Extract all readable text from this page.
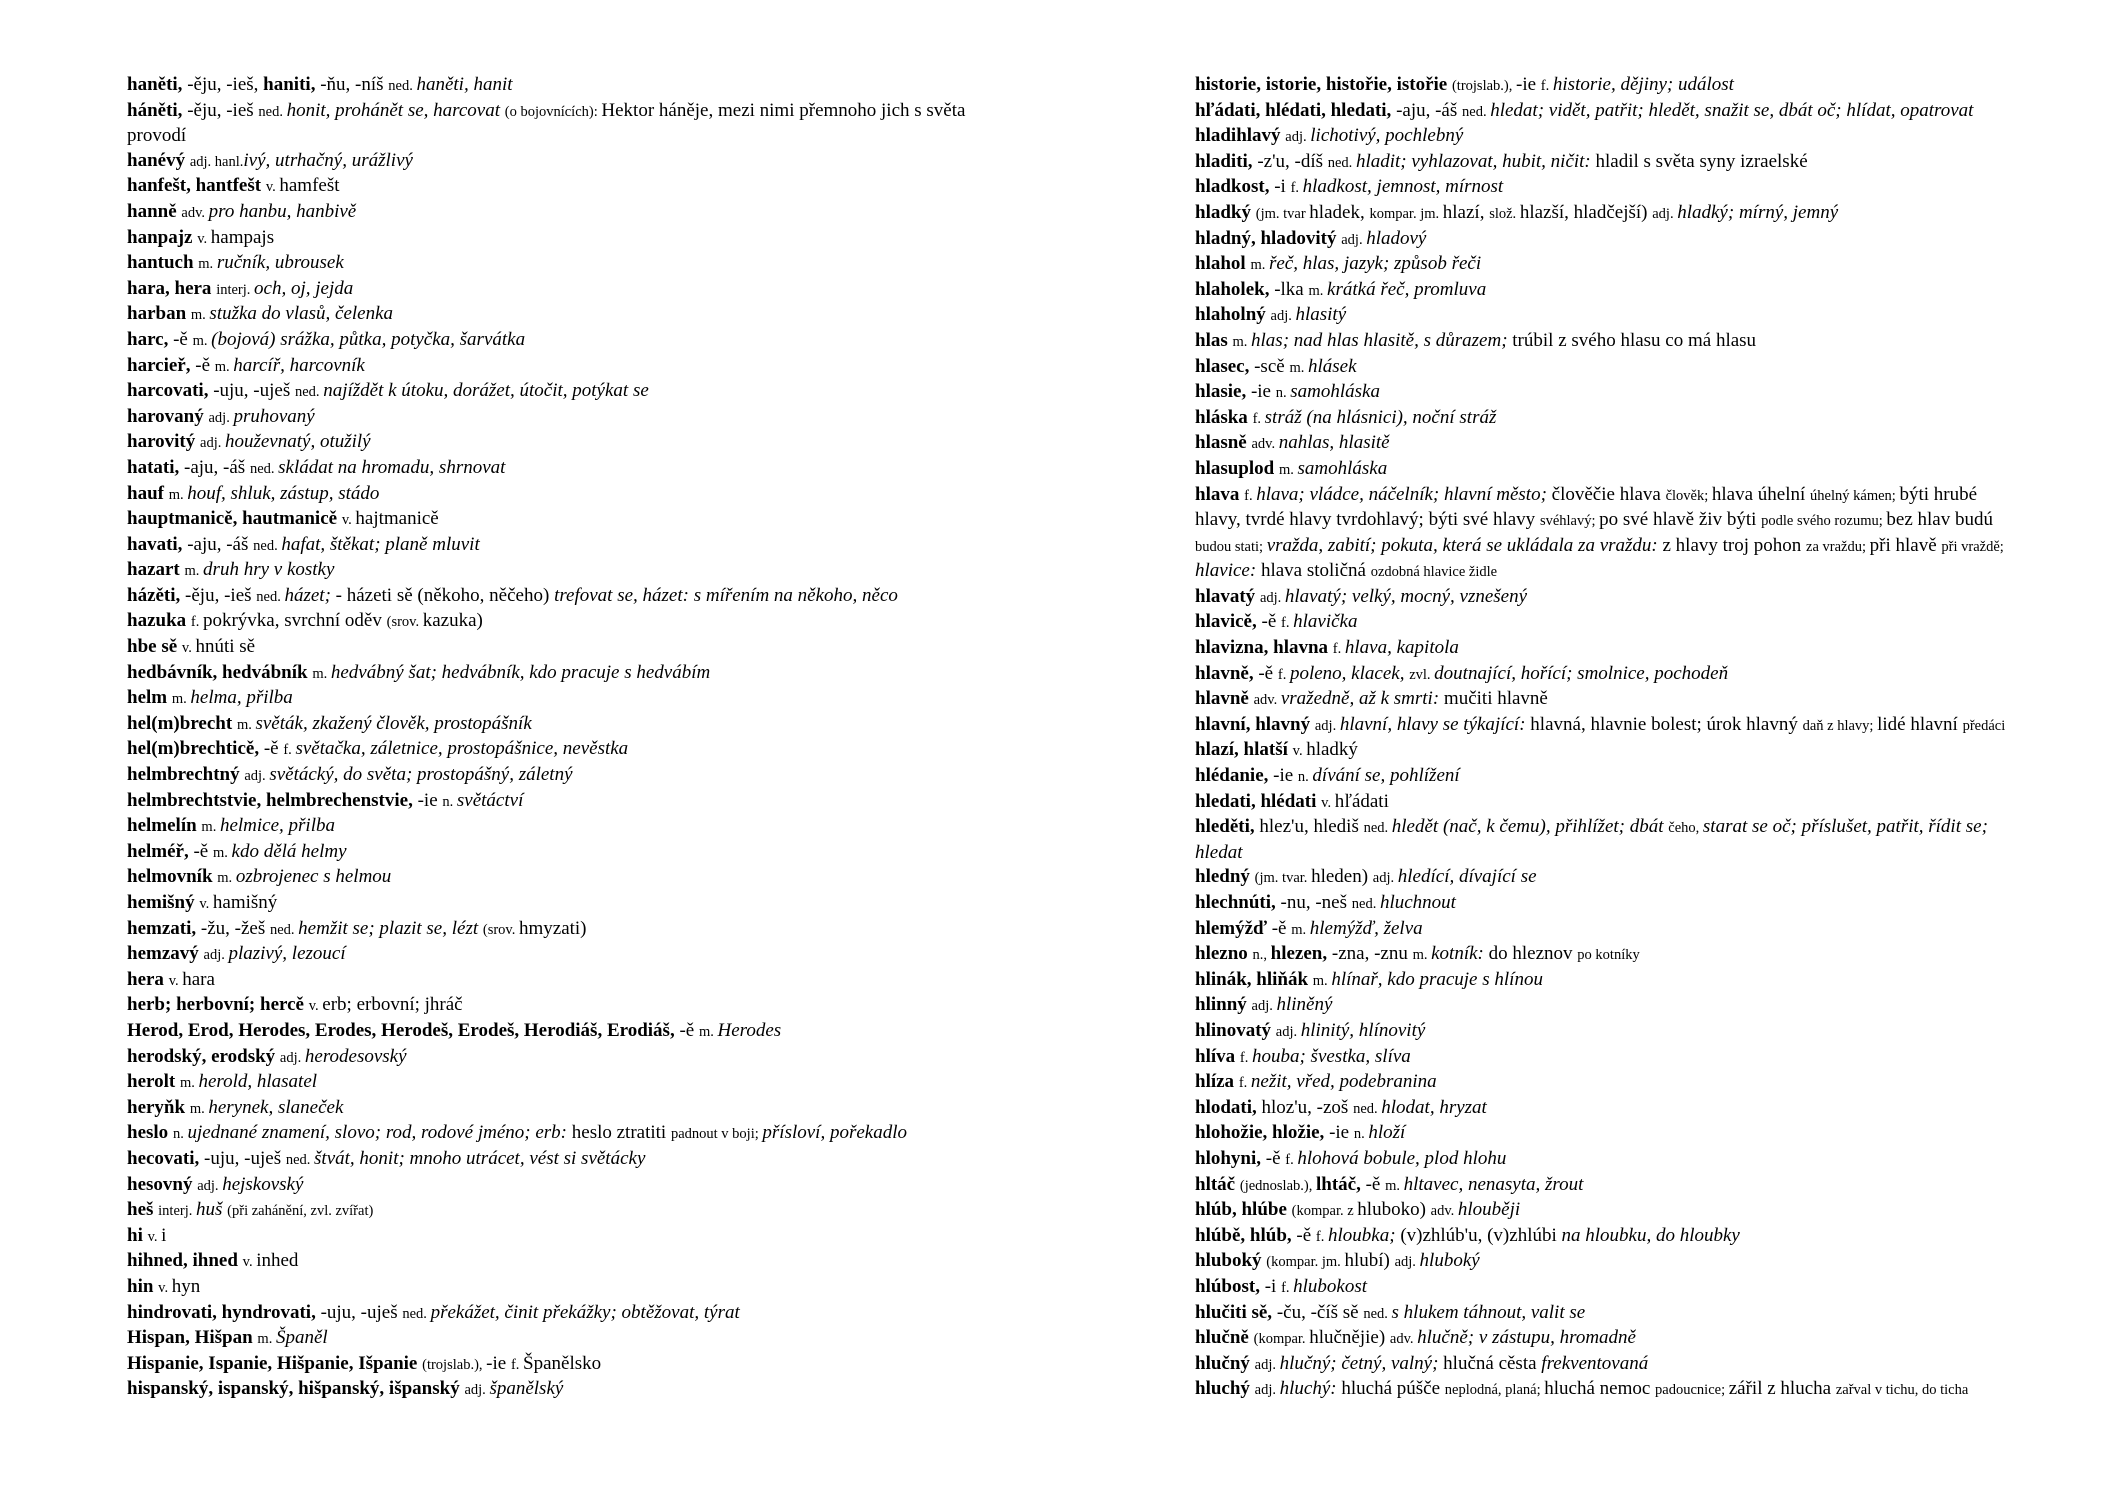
haněti, -ěju, -ieš, haniti, -ňu, -níš ned. haněti, hanit
háněti, -ěju, -ieš ned. honit, prohánět se, harcovat (o bojovnících): Hektor háněje, mezi nimi přemnoho jich s světa provodí
hanévý adj. hanl.ivý, utrhačný, urážlivý
hanfešt, hantfešt v. hamfešt
hanně adv. pro hanbu, hanbivě
hanpajz v. hampajs
hantuch m. ručník, ubrousek
hara, hera interj. och, oj, jejda
harban m. stužka do vlasů, čelenka
harc, -ě m. (bojová) srážka, půtka, potyčka, šarvátka
harcieř, -ě m. harcíř, harcovník
harcovati, -uju, -uješ ned. najíždět k útoku, dorážet, útočit, potýkat se
harovaný adj. pruhovaný
harovitý adj. houževnatý, otužilý
hatati, -aju, -áš ned. skládat na hromadu, shrnovat
hauf m. houf, shluk, zástup, stádo
hauptmanicě, hautmanicě v. hajtmanicě
havati, -aju, -áš ned. hafat, štěkat; planě mluvit
hazart m. druh hry v kostky
házěti, -ěju, -ieš ned. házet; - házeti sě (někoho, něčeho) trefovat se, házet: s mířením na někoho, něco
hazuka f. pokrývka, svrchní oděv (srov. kazuka)
hbe sě v. hnúti sě
hedbávník, hedvábník m. hedvábný šat; hedvábník, kdo pracuje s hedvábím
helm m. helma, přilba
hel(m)brecht m. světák, zkažený člověk, prostopášník
hel(m)brechticě, -ě f. světačka, záletnice, prostopášnice, nevěstka
helmbrechtný adj. světácký, do světa; prostopášný, záletný
helmbrechtstvie, helmbrechenstvie, -ie n. světáctví
helmelín m. helmice, přilba
helméř, -ě m. kdo dělá helmy
helmovník m. ozbrojenec s helmou
hemišný v. hamišný
hemzati, -žu, -žeš ned. hemžit se; plazit se, lézt (srov. hmyzati)
hemzavý adj. plazivý, lezoucí
hera v. hara
herb; herbovní; hercě v. erb; erbovní; jhráč
Herod, Erod, Herodes, Erodes, Herodeš, Erodeš, Herodiáš, Erodiáš, -ě m. Herodes
herodský, erodský adj. herodesovský
herolt m. herold, hlasatel
heryňk m. herynek, slaneček
heslo n. ujednané znamení, slovo; rod, rodové jméno; erb: heslo ztratiti padnout v boji; přísloví, pořekadlo
hecovati, -uju, -uješ ned. štvát, honit; mnoho utrácet, vést si světácky
hesovný adj. hejskovský
heš interj. huš (při zahánění, zvl. zvířat)
hi v. i
hihned, ihned v. inhed
hin v. hyn
hindrovati, hyndrovati, -uju, -uješ ned. překážet, činit překážky; obtěžovat, týrat
Hispan, Hišpan m. Španěl
Hispanie, Ispanie, Hišpanie, Išpanie (trojslab.), -ie f. Španělsko
hispanský, ispanský, hišpanský, išpanský adj. španělský
historie, istorie, histořie, istořie (trojslab.), -ie f. historie, dějiny; událost
hľádati, hlédati, hledati, -aju, -áš ned. hledat; vidět, patřit; hledět, snažit se, dbát oč; hlídat, opatrovat
hladihlavý adj. lichotivý, pochlebný
hladiti, -z'u, -díš ned. hladit; vyhlazovat, hubit, ničit: hladil s světa syny izraelské
hladkost, -i f. hladkost, jemnost, mírnost
hladký (jm. tvar hladek, kompar. jm. hlazí, slož. hlazší, hladčejší) adj. hladký; mírný, jemný
hladný, hladovitý adj. hladový
hlahol m. řeč, hlas, jazyk; způsob řeči
hlaholek, -lka m. krátká řeč, promluva
hlaholný adj. hlasitý
hlas m. hlas; nad hlas hlasitě, s důrazem; trúbil z svého hlasu co má hlasu
hlasec, -scě m. hlásek
hlasie, -ie n. samohláska
hláska f. stráž (na hlásnici), noční stráž
hlasně adv. nahlas, hlasitě
hlasuplod m. samohláska
hlava f. hlava; vládce, náčelník; hlavní město; člověčie hlava člověk; hlava úhelní úhelný kámen; býti hrubé hlavy, tvrdé hlavy tvrdohlavý; býti své hlavy svéhlavý; po své hlavě živ býti podle svého rozumu; bez hlav budú budou stati; vražda, zabití; pokuta, která se ukládala za vraždu: z hlavy troj pohon za vraždu; při hlavě při vraždě; hlavice: hlava stoličná ozdobná hlavice židle
hlavatý adj. hlavatý; velký, mocný, vznešený
hlavicě, -ě f. hlavička
hlavizna, hlavna f. hlava, kapitola
hlavně, -ě f. poleno, klacek, zvl. doutnající, hořící; smolnice, pochodeň
hlavně adv. vražedně, až k smrti: mučiti hlavně
hlavní, hlavný adj. hlavní, hlavy se týkající: hlavná, hlavnie bolest; úrok hlavný daň z hlavy; lidé hlavní předáci
hlazí, hlatší v. hladký
hlédanie, -ie n. dívání se, pohlížení
hledati, hlédati v. hľádati
hleděti, hlez'u, hlediš ned. hledět (nač, k čemu), přihlížet; dbát čeho, starat se oč; příslušet, patřit, řídit se; hledat
hledný (jm. tvar. hleden) adj. hledící, dívající se
hlechnúti, -nu, -neš ned. hluchnout
hlemýžď -ě m. hlemýžď, želva
hlezno n., hlezen, -zna, -znu m. kotník: do hleznov po kotníky
hlinák, hliňák m. hlínař, kdo pracuje s hlínou
hlinný adj. hliněný
hlinovatý adj. hlinitý, hlínovitý
hlíva f. houba; švestka, slíva
hlíza f. nežit, vřed, podebranina
hlodati, hloz'u, -zoš ned. hlodat, hryzat
hlohožie, hložie, -ie n. hloží
hlohyni, -ě f. hlohová bobule, plod hlohu
hltáč (jednoslab.), lhtáč, -ě m. hltavec, nenasyta, žrout
hlúb, hlúbe (kompar. z hluboko) adv. hlouběji
hlúbě, hlúb, -ě f. hloubka; (v)zhlúb'u, (v)zhlúbi na hloubku, do hloubky
hluboký (kompar. jm. hlubí) adj. hluboký
hlúbost, -i f. hlubokost
hlučiti sě, -ču, -číš sě ned. s hlukem táhnout, valit se
hlučně (kompar. hlučnějie) adv. hlučně; v zástupu, hromadně
hlučný adj. hlučný; četný, valný; hlučná cěsta frekventovaná
hluchý adj. hluchý: hluchá púšče neplodná, planá; hluchá nemoc padoucnice; zářil z hlucha zařval v tichu, do ticha
